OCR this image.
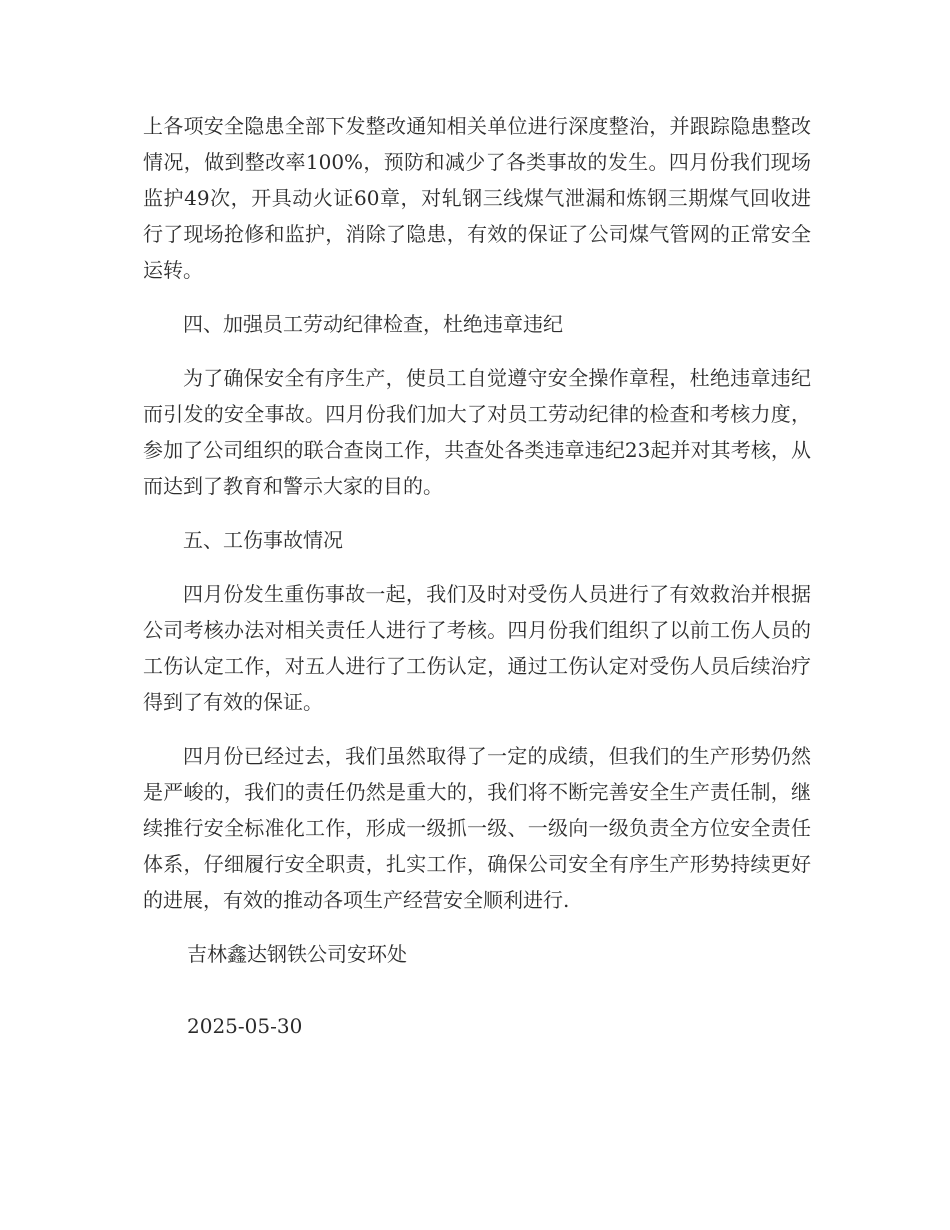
上各项安全隐患全部下发整改通知相关单位进行深度整治，并跟踪隐患整改情况，做到整改率100%，预防和减少了各类事故的发生。四月份我们现场监护49次，开具动火证60章，对轧钢三线煤气泄漏和炼钢三期煤气回收进行了现场抢修和监护，消除了隐患，有效的保证了公司煤气管网的正常安全运转。

四、加强员工劳动纪律检查，杜绝违章违纪

为了确保安全有序生产，使员工自觉遵守安全操作章程，杜绝违章违纪而引发的安全事故。四月份我们加大了对员工劳动纪律的检查和考核力度，参加了公司组织的联合查岗工作，共查处各类违章违纪23起并对其考核，从而达到了教育和警示大家的目的。

五、工伤事故情况

四月份发生重伤事故一起，我们及时对受伤人员进行了有效救治并根据公司考核办法对相关责任人进行了考核。四月份我们组织了以前工伤人员的工伤认定工作，对五人进行了工伤认定，通过工伤认定对受伤人员后续治疗得到了有效的保证。

四月份已经过去，我们虽然取得了一定的成绩，但我们的生产形势仍然是严峻的，我们的责任仍然是重大的，我们将不断完善安全生产责任制，继续推行安全标准化工作，形成一级抓一级、一级向一级负责全方位安全责任体系，仔细履行安全职责，扎实工作，确保公司安全有序生产形势持续更好的进展，有效的推动各项生产经营安全顺利进行.

吉林鑫达钢铁公司安环处

2025-05-30
